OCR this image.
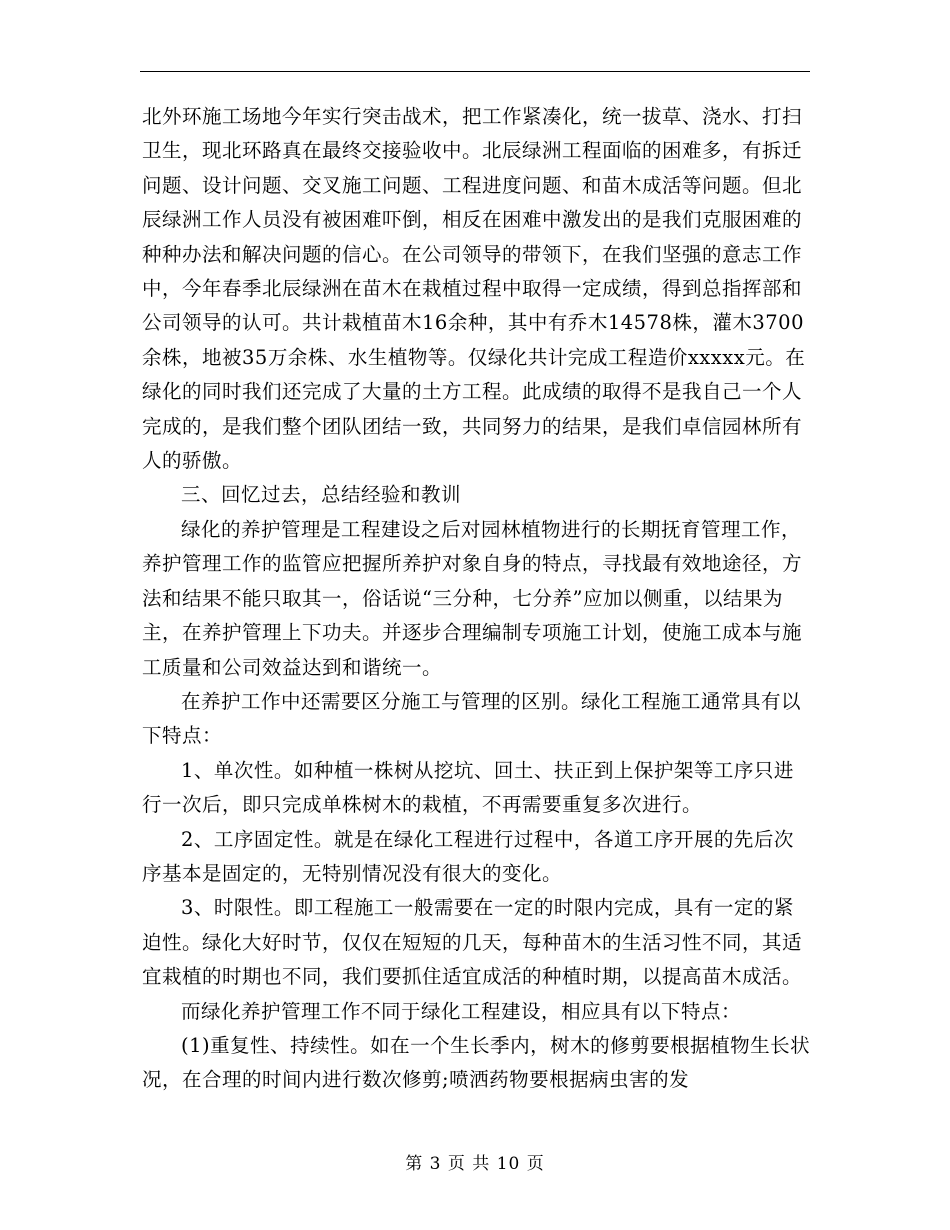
北外环施工场地今年实行突击战术，把工作紧凑化，统一拔草、浇水、打扫卫生，现北环路真在最终交接验收中。北辰绿洲工程面临的困难多，有拆迁问题、设计问题、交叉施工问题、工程进度问题、和苗木成活等问题。但北辰绿洲工作人员没有被困难吓倒，相反在困难中激发出的是我们克服困难的种种办法和解决问题的信心。在公司领导的带领下，在我们坚强的意志工作中，今年春季北辰绿洲在苗木在栽植过程中取得一定成绩，得到总指挥部和公司领导的认可。共计栽植苗木16余种，其中有乔木14578株，灌木3700余株，地被35万余株、水生植物等。仅绿化共计完成工程造价xxxxx元。在绿化的同时我们还完成了大量的土方工程。此成绩的取得不是我自己一个人完成的，是我们整个团队团结一致，共同努力的结果，是我们卓信园林所有人的骄傲。

三、回忆过去，总结经验和教训

绿化的养护管理是工程建设之后对园林植物进行的长期抚育管理工作，养护管理工作的监管应把握所养护对象自身的特点，寻找最有效地途径，方法和结果不能只取其一，俗话说“三分种，七分养”应加以侧重，以结果为主，在养护管理上下功夫。并逐步合理编制专项施工计划，使施工成本与施工质量和公司效益达到和谐统一。

在养护工作中还需要区分施工与管理的区别。绿化工程施工通常具有以下特点：

1、单次性。如种植一株树从挖坑、回土、扶正到上保护架等工序只进行一次后，即只完成单株树木的栽植，不再需要重复多次进行。

2、工序固定性。就是在绿化工程进行过程中，各道工序开展的先后次序基本是固定的，无特别情况没有很大的变化。

3、时限性。即工程施工一般需要在一定的时限内完成，具有一定的紧迫性。绿化大好时节，仅仅在短短的几天，每种苗木的生活习性不同，其适宜栽植的时期也不同，我们要抓住适宜成活的种植时期，以提高苗木成活。

而绿化养护管理工作不同于绿化工程建设，相应具有以下特点：

(1)重复性、持续性。如在一个生长季内，树木的修剪要根据植物生长状况，在合理的时间内进行数次修剪;喷洒药物要根据病虫害的发

第 3 页 共 10 页
